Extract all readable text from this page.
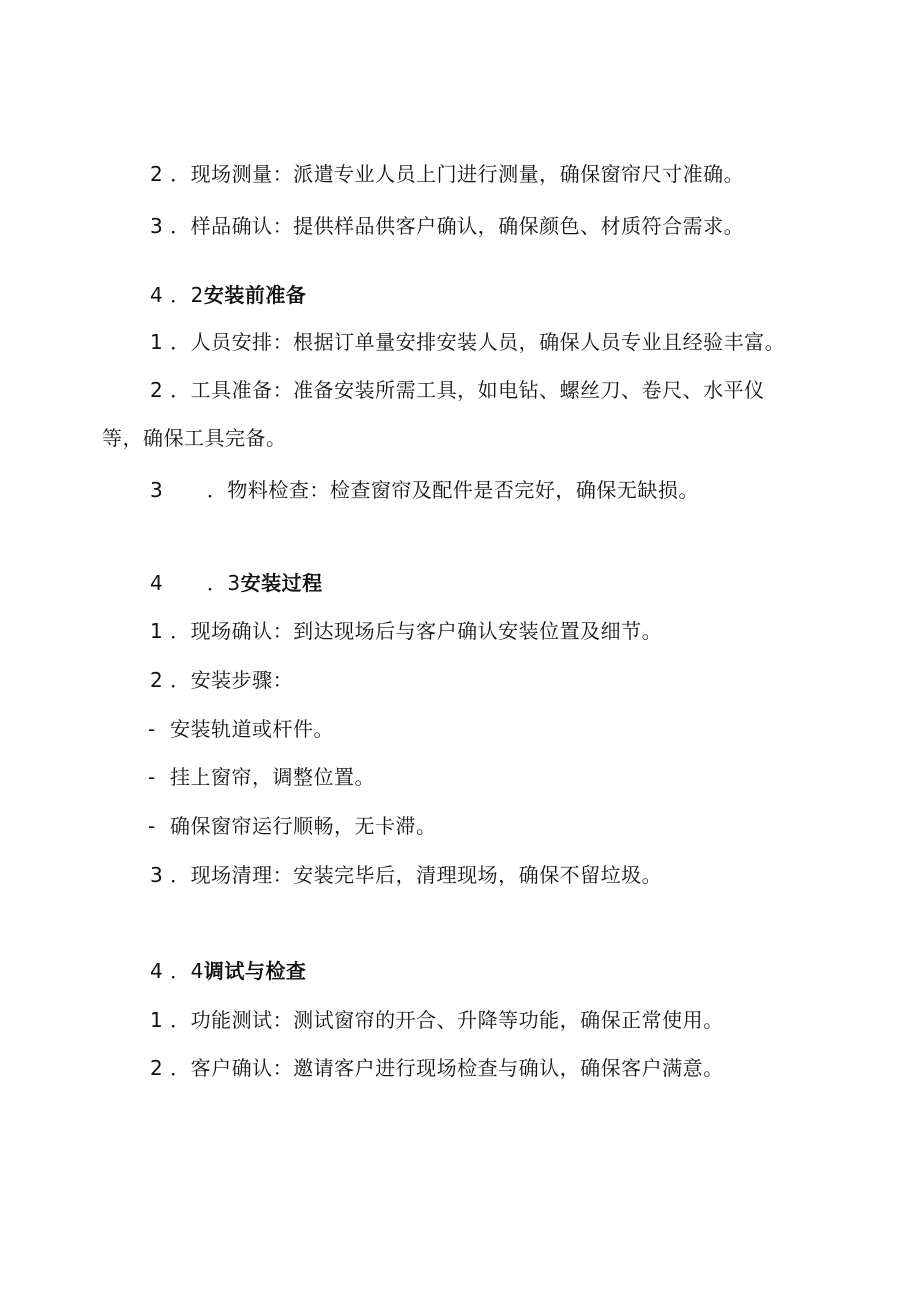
2 ．现场测量：派遣专业人员上门进行测量，确保窗帘尺寸准确。
3 ．样品确认：提供样品供客户确认，确保颜色、材质符合需求。
4 ．2安装前准备
1 ．人员安排：根据订单量安排安装人员，确保人员专业且经验丰富。
2 ．工具准备：准备安装所需工具，如电钻、螺丝刀、卷尺、水平仪
等，确保工具完备。
3 ．物料检查：检查窗帘及配件是否完好，确保无缺损。
4 ．3安装过程
1 ．现场确认：到达现场后与客户确认安装位置及细节。
2 ．安装步骤：
- 安装轨道或杆件。
- 挂上窗帘，调整位置。
- 确保窗帘运行顺畅，无卡滞。
3 ．现场清理：安装完毕后，清理现场，确保不留垃圾。
4 ．4调试与检查
1 ．功能测试：测试窗帘的开合、升降等功能，确保正常使用。
2 ．客户确认：邀请客户进行现场检查与确认，确保客户满意。
